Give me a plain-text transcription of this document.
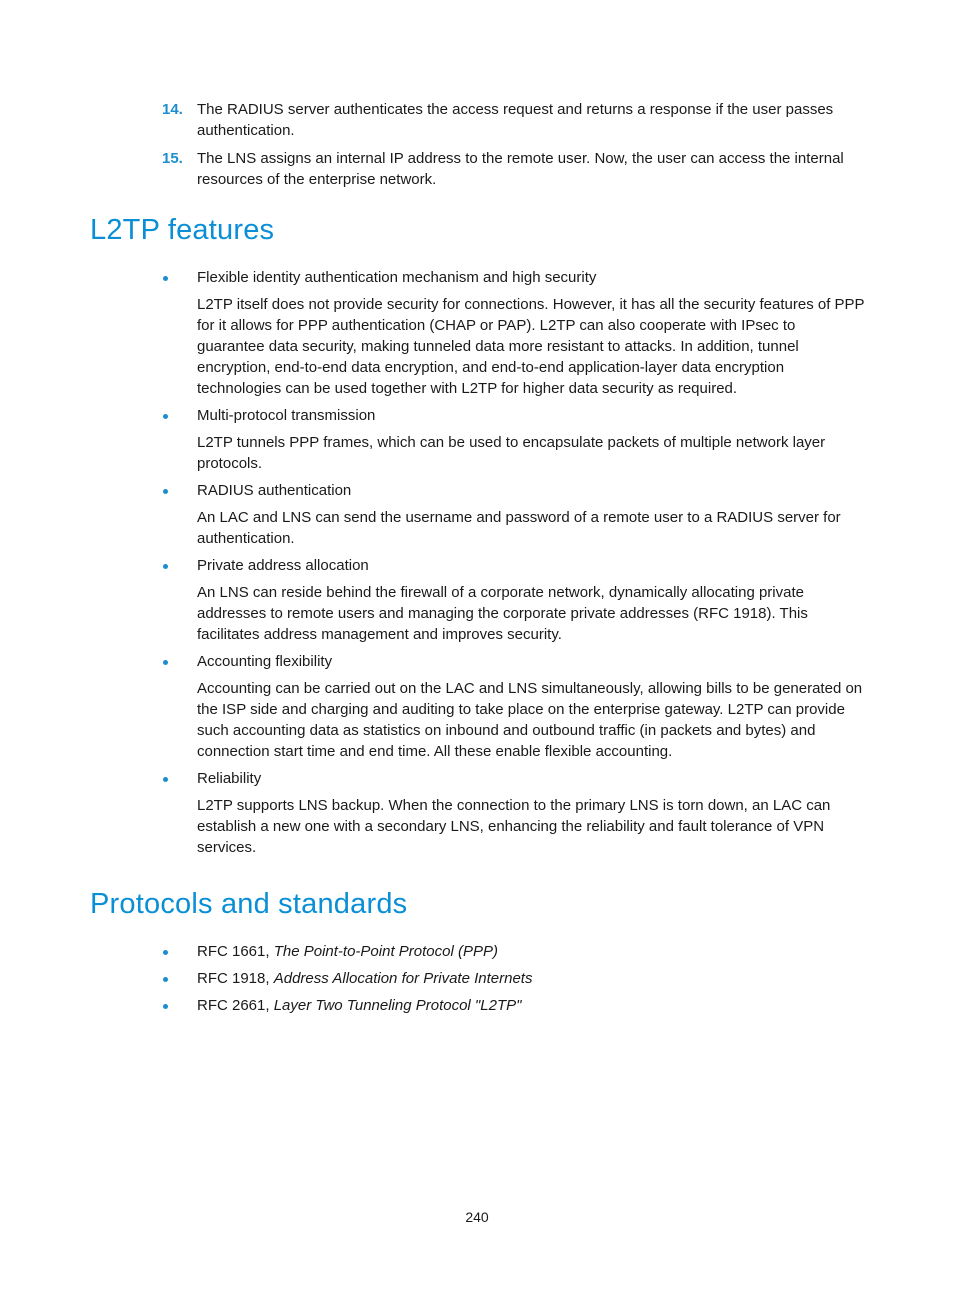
14. The RADIUS server authenticates the access request and returns a response if the user passes authentication.
15. The LNS assigns an internal IP address to the remote user. Now, the user can access the internal resources of the enterprise network.
L2TP features
Flexible identity authentication mechanism and high security
L2TP itself does not provide security for connections. However, it has all the security features of PPP for it allows for PPP authentication (CHAP or PAP). L2TP can also cooperate with IPsec to guarantee data security, making tunneled data more resistant to attacks. In addition, tunnel encryption, end-to-end data encryption, and end-to-end application-layer data encryption technologies can be used together with L2TP for higher data security as required.
Multi-protocol transmission
L2TP tunnels PPP frames, which can be used to encapsulate packets of multiple network layer protocols.
RADIUS authentication
An LAC and LNS can send the username and password of a remote user to a RADIUS server for authentication.
Private address allocation
An LNS can reside behind the firewall of a corporate network, dynamically allocating private addresses to remote users and managing the corporate private addresses (RFC 1918). This facilitates address management and improves security.
Accounting flexibility
Accounting can be carried out on the LAC and LNS simultaneously, allowing bills to be generated on the ISP side and charging and auditing to take place on the enterprise gateway. L2TP can provide such accounting data as statistics on inbound and outbound traffic (in packets and bytes) and connection start time and end time. All these enable flexible accounting.
Reliability
L2TP supports LNS backup. When the connection to the primary LNS is torn down, an LAC can establish a new one with a secondary LNS, enhancing the reliability and fault tolerance of VPN services.
Protocols and standards
RFC 1661, The Point-to-Point Protocol (PPP)
RFC 1918, Address Allocation for Private Internets
RFC 2661, Layer Two Tunneling Protocol "L2TP"
240
